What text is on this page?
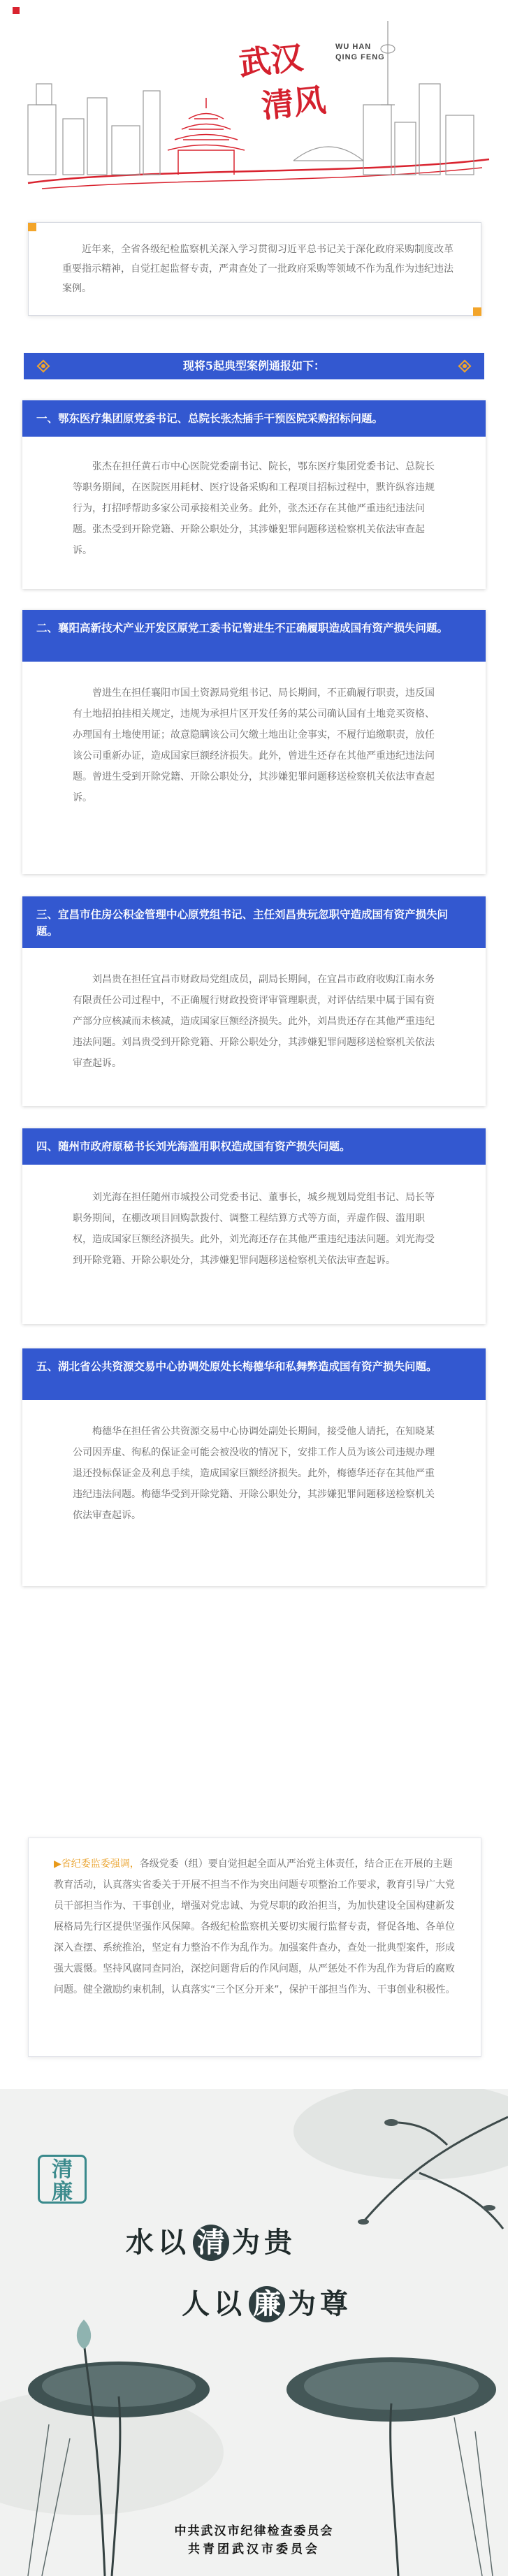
武汉
清风
WU HAN
QING FENG

近年来，全省各级纪检监察机关深入学习贯彻习近平总书记关于深化政府采购制度改革重要指示精神，自觉扛起监督专责，严肃查处了一批政府采购等领域不作为乱作为违纪违法案例。

现将5起典型案例通报如下：
一、鄂东医疗集团原党委书记、总院长张杰插手干预医院采购招标问题。

张杰在担任黄石市中心医院党委副书记、院长，鄂东医疗集团党委书记、总院长等职务期间，在医院医用耗材、医疗设备采购和工程项目招标过程中，默许纵容违规行为，打招呼帮助多家公司承接相关业务。此外，张杰还存在其他严重违纪违法问题。张杰受到开除党籍、开除公职处分，其涉嫌犯罪问题移送检察机关依法审查起诉。

二、襄阳高新技术产业开发区原党工委书记曾进生不正确履职造成国有资产损失问题。

曾进生在担任襄阳市国土资源局党组书记、局长期间，不正确履行职责，违反国有土地招拍挂相关规定，违规为承担片区开发任务的某公司确认国有土地竞买资格、办理国有土地使用证；故意隐瞒该公司欠缴土地出让金事实，不履行追缴职责，放任该公司重新办证，造成国家巨额经济损失。此外，曾进生还存在其他严重违纪违法问题。曾进生受到开除党籍、开除公职处分，其涉嫌犯罪问题移送检察机关依法审查起诉。

三、宜昌市住房公积金管理中心原党组书记、主任刘昌贵玩忽职守造成国有资产损失问题。

刘昌贵在担任宜昌市财政局党组成员，副局长期间，在宜昌市政府收购江南水务有限责任公司过程中，不正确履行财政投资评审管理职责，对评估结果中属于国有资产部分应核减而未核减，造成国家巨额经济损失。此外，刘昌贵还存在其他严重违纪违法问题。刘昌贵受到开除党籍、开除公职处分，其涉嫌犯罪问题移送检察机关依法审查起诉。

四、随州市政府原秘书长刘光海滥用职权造成国有资产损失问题。

刘光海在担任随州市城投公司党委书记、董事长，城乡规划局党组书记、局长等职务期间，在棚改项目回购款拨付、调整工程结算方式等方面，弄虚作假、滥用职权，造成国家巨额经济损失。此外，刘光海还存在其他严重违纪违法问题。刘光海受到开除党籍、开除公职处分，其涉嫌犯罪问题移送检察机关依法审查起诉。

五、湖北省公共资源交易中心协调处原处长梅德华和私舞弊造成国有资产损失问题。

梅德华在担任省公共资源交易中心协调处副处长期间，接受他人请托，在知晓某公司因弄虚、徇私的保证金可能会被没收的情况下，安排工作人员为该公司违规办理退还投标保证金及利息手续，造成国家巨额经济损失。此外，梅德华还存在其他严重违纪违法问题。梅德华受到开除党籍、开除公职处分，其涉嫌犯罪问题移送检察机关依法审查起诉。

▶省纪委监委强调，各级党委（组）要自觉担起全面从严治党主体责任，结合正在开展的主题教育活动，认真落实省委关于开展不担当不作为突出问题专项整治工作要求，教育引导广大党员干部担当作为、干事创业，增强对党忠诚、为党尽职的政治担当，为加快建设全国构建新发展格局先行区提供坚强作风保障。各级纪检监察机关要切实履行监督专责，督促各地、各单位深入查摆、系统推治，坚定有力整治不作为乱作为。加强案件查办，查处一批典型案件，形成强大震慑。坚持风腐同查同治，深挖问题背后的作风问题，从严惩处不作为乱作为背后的腐败问题。健全激励约束机制，认真落实“三个区分开来”，保护干部担当作为、干事创业积极性。

清
廉
水以 清 为贵
人以 廉 为尊
中共武汉市纪律检查委员会
共青团武汉市委员会
